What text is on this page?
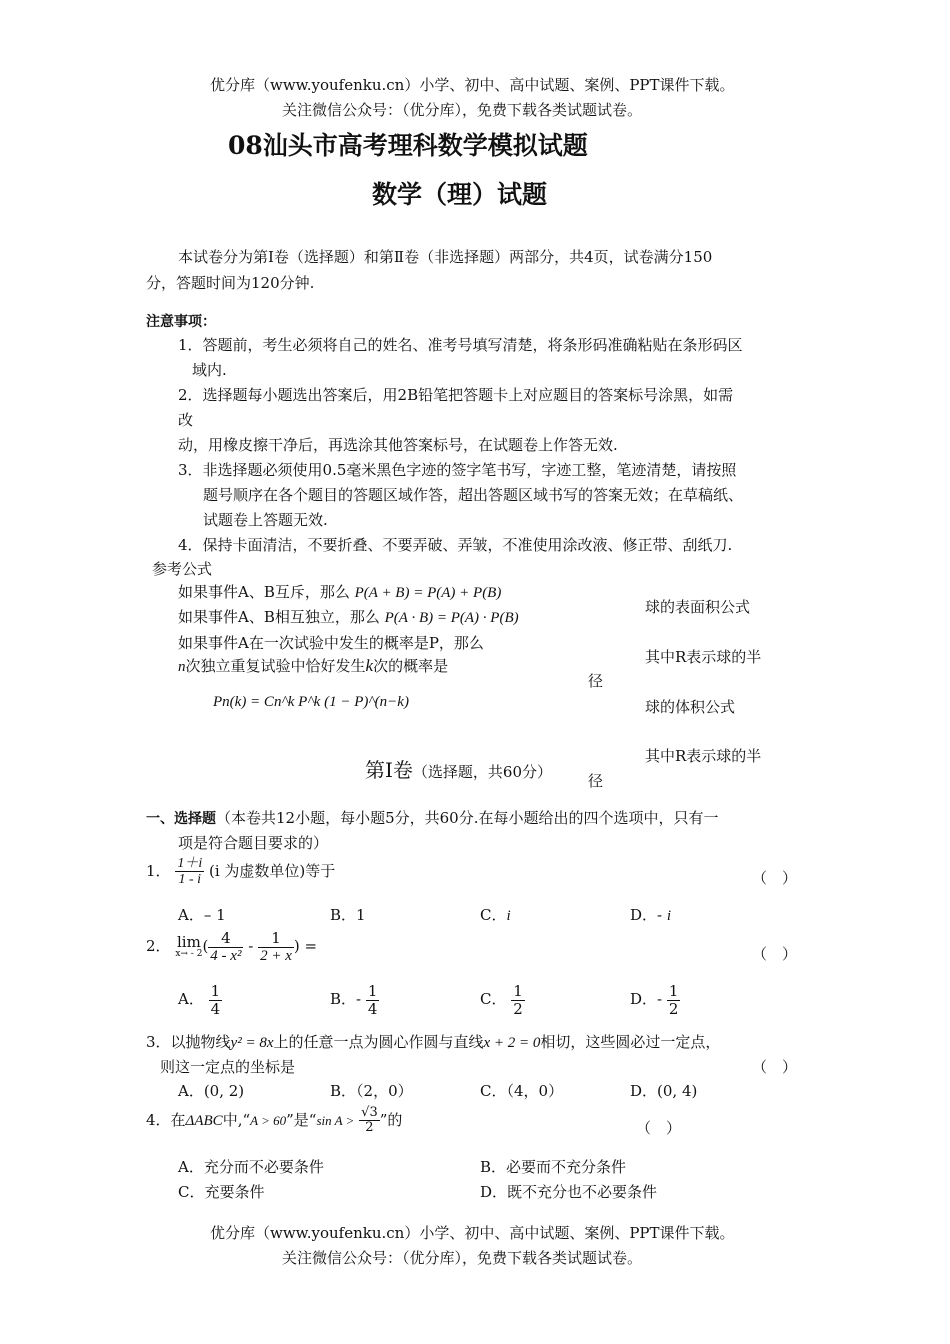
优分库（www.youfenku.cn）小学、初中、高中试题、案例、PPT课件下载。
关注微信公众号：（优分库），免费下载各类试题试卷。
08汕头市高考理科数学模拟试题
数学（理）试题
本试卷分为第Ⅰ卷（选择题）和第Ⅱ卷（非选择题）两部分，共4页，试卷满分150
分，答题时间为120分钟.
注意事项：
1．答题前，考生必须将自己的姓名、准考号填写清楚，将条形码准确粘贴在条形码区
域内.
2．选择题每小题选出答案后，用2B铅笔把答题卡上对应题目的答案标号涂黑，如需
改
动，用橡皮擦干净后，再选涂其他答案标号，在试题卷上作答无效.
3．非选择题必须使用0.5毫米黑色字迹的签字笔书写，字迹工整，笔迹清楚，请按照
题号顺序在各个题目的答题区域作答，超出答题区域书写的答案无效；在草稿纸、
试题卷上答题无效.
4．保持卡面清洁，不要折叠、不要弄破、弄皱，不准使用涂改液、修正带、刮纸刀.
参考公式
如果事件A、B互斥，那么 P(A + B) = P(A) + P(B)
如果事件A、B相互独立，那么 P(A · B) = P(A) · P(B)
如果事件A在一次试验中发生的概率是P，那么
n次独立重复试验中恰好发生k次的概率是
Pn(k) = Cn^k P^k (1 − P)^(n−k)
球的表面积公式
其中R表示球的半
径
球的体积公式
其中R表示球的半
径
第Ⅰ卷（选择题，共60分）
一、选择题（本卷共12小题，每小题5分，共60分.在每小题给出的四个选项中，只有一
项是符合题目要求的）
1． $\frac{1+i}{1 - i} (i$ 为虚数单位)等于	（　）
A．– 1	B．1	C．i	D．- i
2． lim
x→ - 2 ( $\frac{4}{\text{4 - x²}} - \frac{1}{2 + x}$ ) =	（　）
A． $\frac{1}{4}$	B．- $\frac{1}{4}$	C． $\frac{1}{2}$	D．- $\frac{1}{2}$
3．以抛物线y² = 8x上的任意一点为圆心作圆与直线x + 2 = 0相切，这些圆必过一定点，
则这一定点的坐标是	（　）
A．(0, 2)	B．（2，0）	C．（4，0）	D．(0, 4)
4．在ΔABC中,“A > 60”是“sin $A > \frac{√3}{2}$ ”的	（　）
A．充分而不必要条件	B．必要而不充分条件
C．充要条件	D．既不充分也不必要条件
优分库（www.youfenku.cn）小学、初中、高中试题、案例、PPT课件下载。
关注微信公众号：（优分库），免费下载各类试题试卷。
